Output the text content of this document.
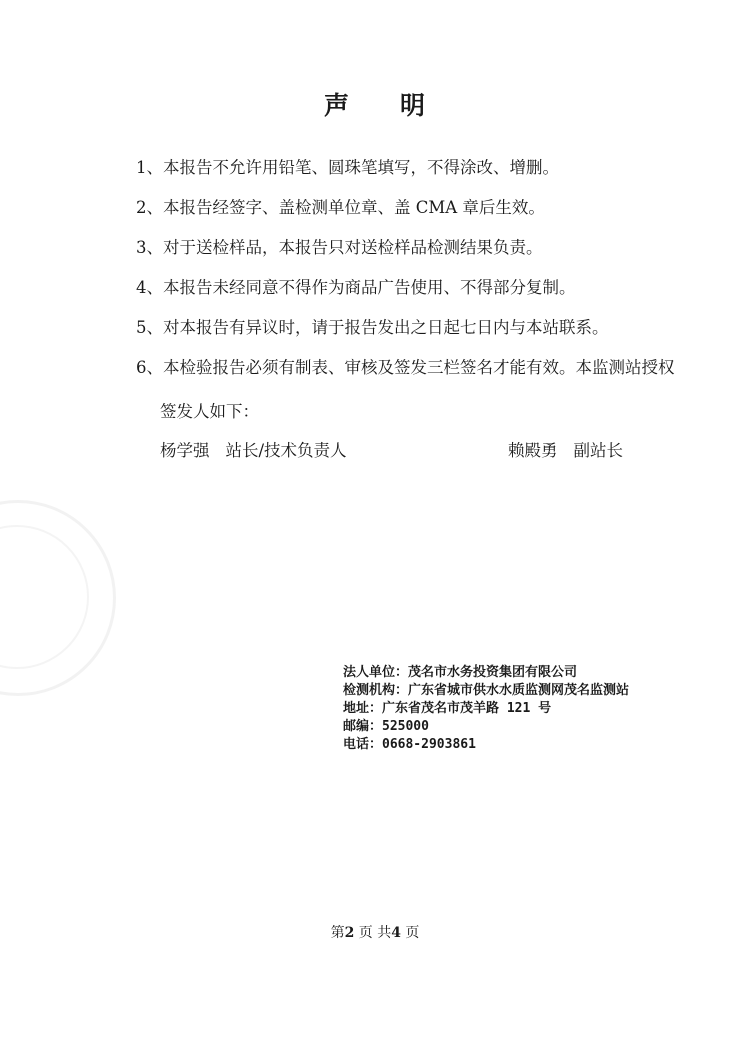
声 明
1、本报告不允许用铅笔、圆珠笔填写，不得涂改、增删。
2、本报告经签字、盖检测单位章、盖 CMA 章后生效。
3、对于送检样品，本报告只对送检样品检测结果负责。
4、本报告未经同意不得作为商品广告使用、不得部分复制。
5、对本报告有异议时，请于报告发出之日起七日内与本站联系。
6、本检验报告必须有制表、审核及签发三栏签名才能有效。本监测站授权
签发人如下：
杨学强 站长/技术负责人	赖殿勇 副站长
法人单位：茂名市水务投资集团有限公司
检测机构：广东省城市供水水质监测网茂名监测站
地址：广东省茂名市茂羊路 121 号
邮编：525000
电话：0668-2903861
第2 页 共4 页
